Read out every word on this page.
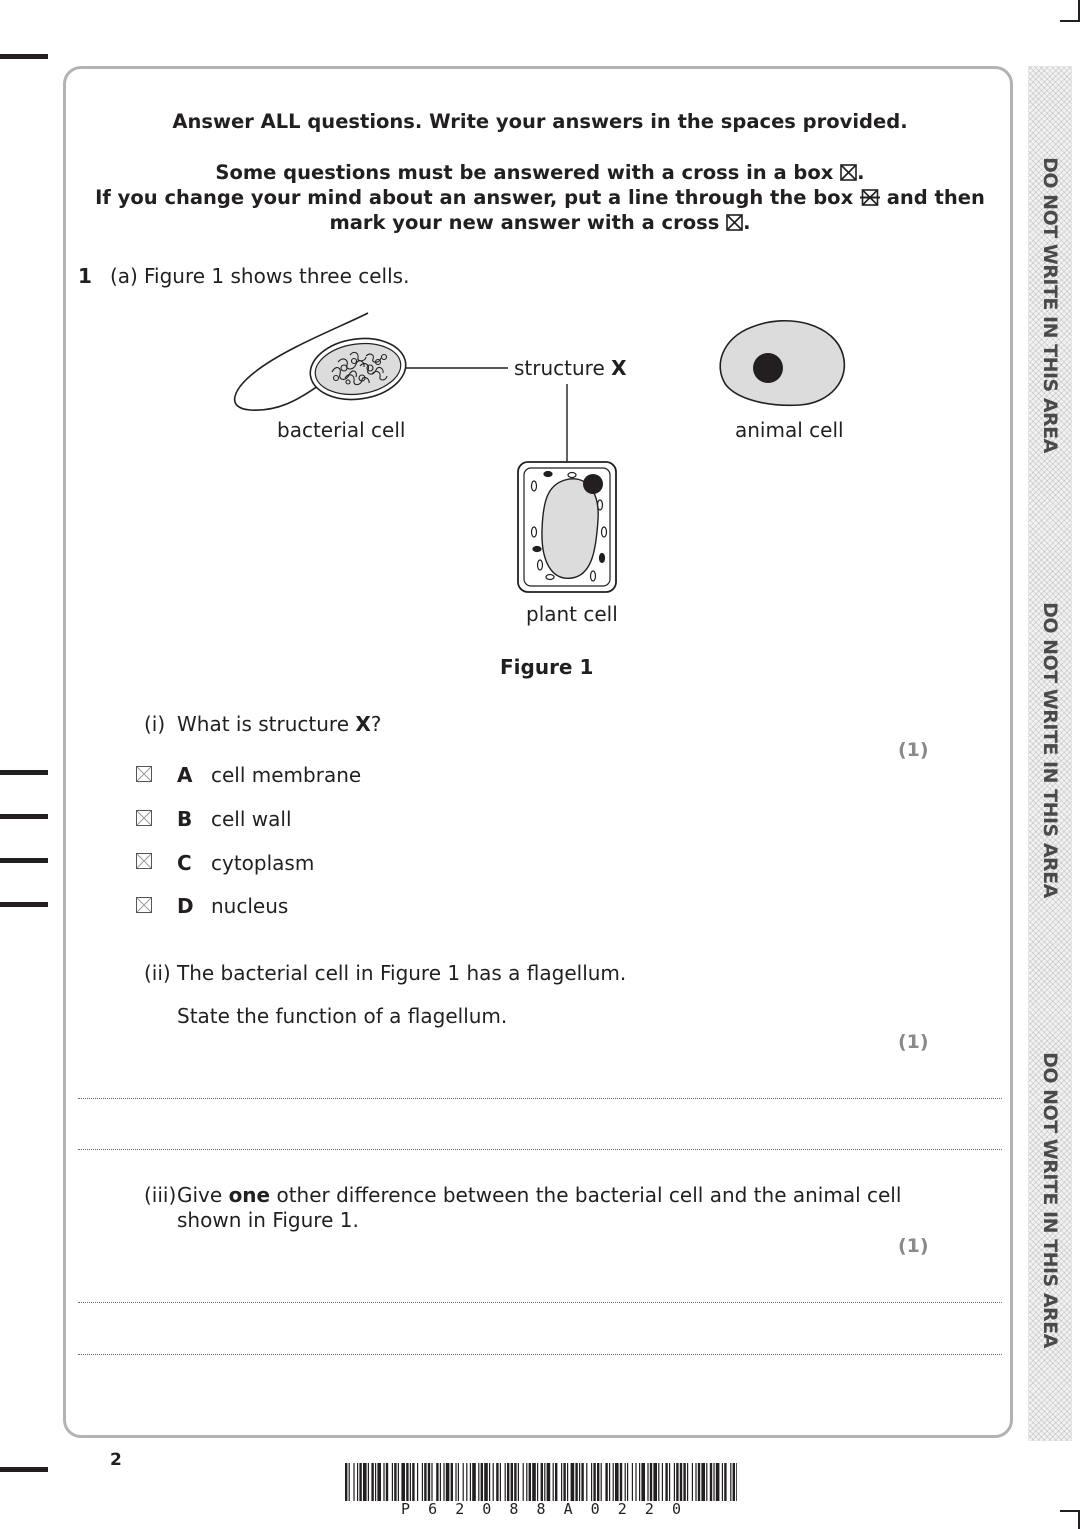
DO NOT WRITE IN THIS AREA
DO NOT WRITE IN THIS AREA
DO NOT WRITE IN THIS AREA
Answer ALL questions. Write your answers in the spaces provided.
Some questions must be answered with a cross in a box ☒.
If you change your mind about an answer, put a line through the box and then
mark your new answer with a cross ☒.
1 (a) Figure 1 shows three cells.
bacterial cell
structure X
animal cell
plant cell
Figure 1
(i) What is structure X?
(1)
A cell membrane
B cell wall
C cytoplasm
D nucleus
(ii) The bacterial cell in Figure 1 has a flagellum.
State the function of a flagellum.
(1)
(iii) Give one other difference between the bacterial cell and the animal cell
shown in Figure 1.
(1)
2
P  6  2  0  8  8  A  0  2  2  0
